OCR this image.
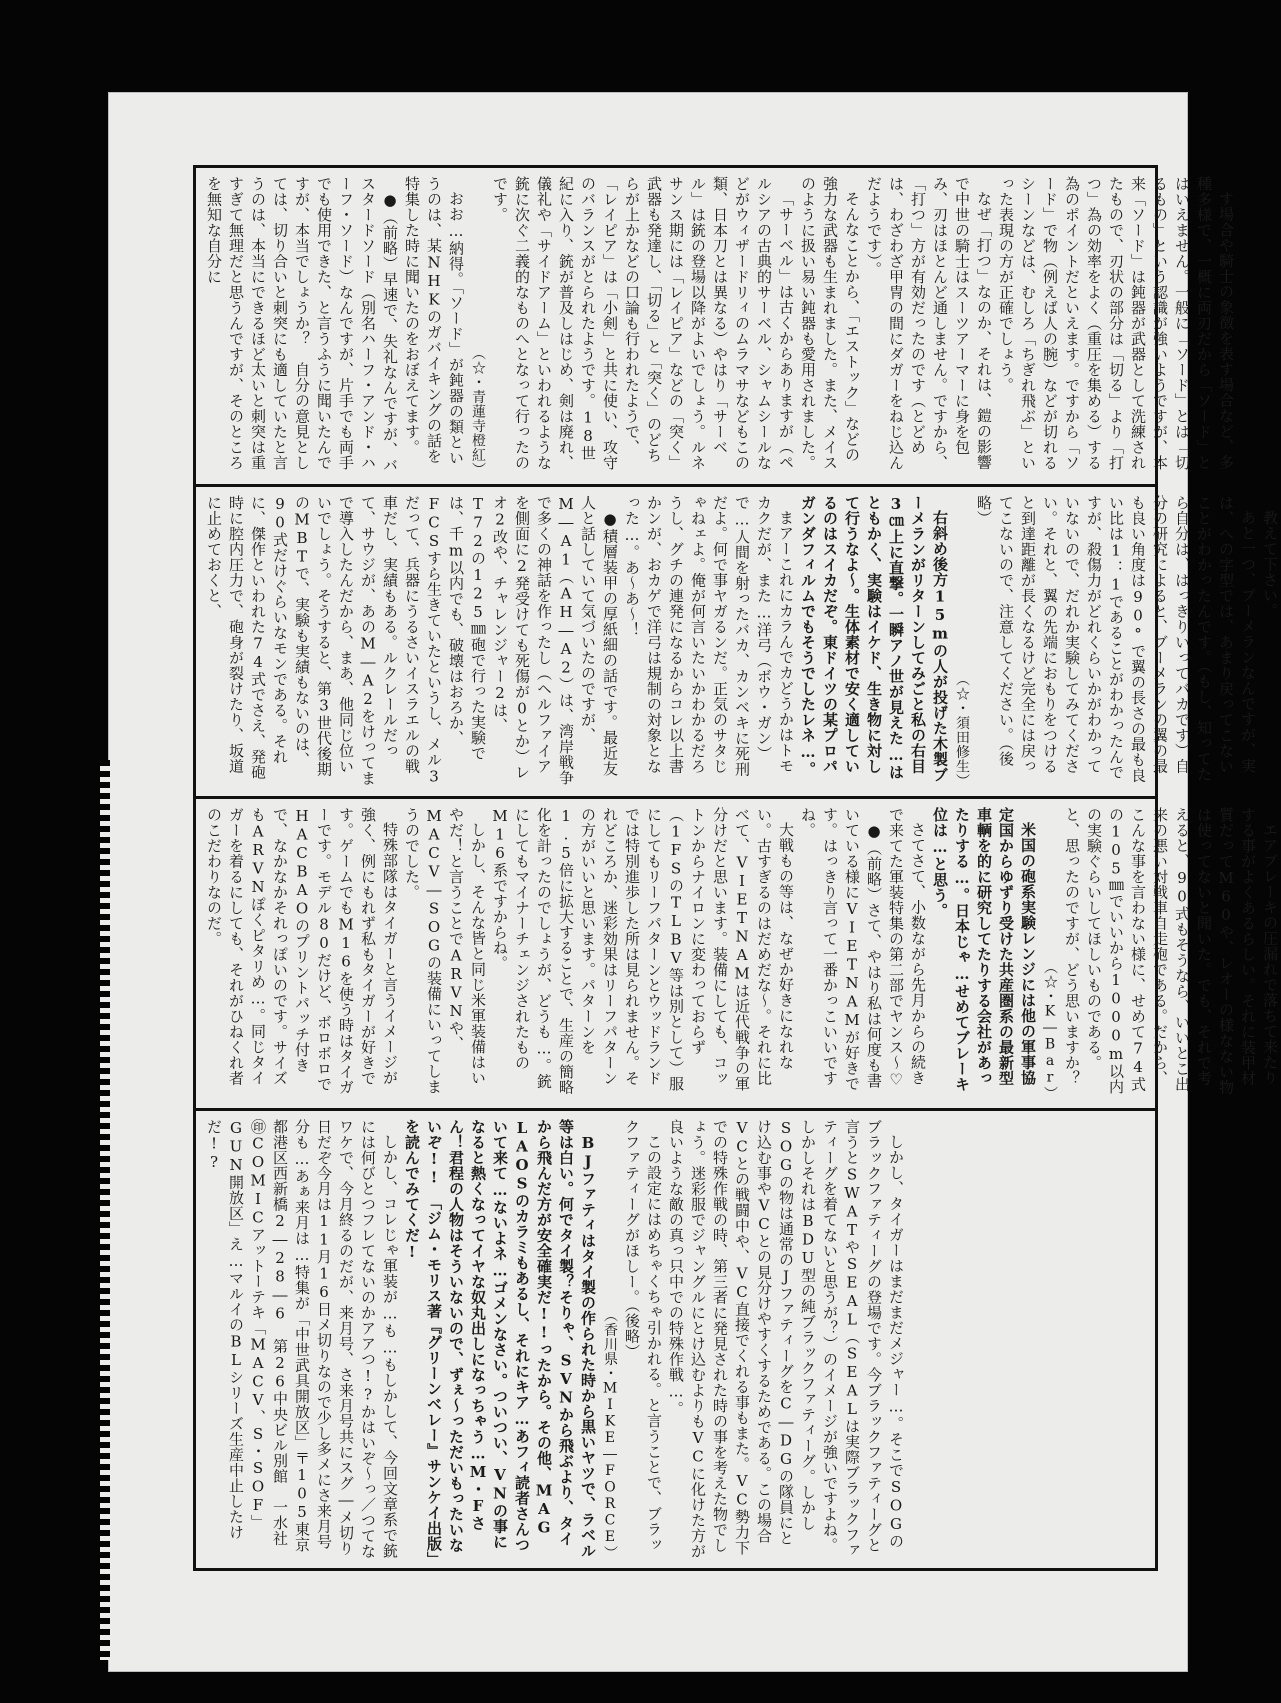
す場合や騎士の象徴を表す場合など、多種多様で、一概に両刃だから「ソード」とはいえません。一般に「ソード」とは「切るもの」という認識が強いようですが、本来「ソード」は鈍器が武器として洗練されたもので、刃状の部分は「切る」より「打つ」為の効率をよく（重圧を集める）する為のポイントだといえます。ですから「ソード」で物（例えば人の腕）などが切れるシーンなどは、むしろ「ちぎれ飛ぶ」といった表現の方が正確でしょう。

なぜ「打つ」なのか、それは、鎧の影響で中世の騎士はスーツアーマーに身を包み、刃はほとんど通しません。ですから、「打つ」方が有効だったのです（とどめは、わざわざ甲冑の間にダガーをねじ込んだようです）。

そんなことから、「エストック」などの強力な武器も生まれました。また、メイスのように扱い易い鈍器も愛用されました。

「サーベル」は古くからありますが（ペルシアの古典的サーベル、シャムシールなどがウィザードリィのムラマサなどもこの類、日本刀とは異なる）やはり「サーベル」は銃の登場以降がよいでしょう。ルネサンス期には「レイピア」などの「突く」武器も発達し、「切る」と「突く」のどちらが上かなどの口論も行われたようで、「レイピア」は「小剣」と共に使い、攻守のバランスがとられたようです。18世紀に入り、銃が普及しはじめ、剣は廃れ、儀礼や「サイドアーム」といわれるような銃に次ぐ二義的なものへとなって行ったのです。

（☆・青蓮寺橙紅）

おお…納得。「ソード」が鈍器の類というのは、某NHKのガバイキングの話を特集した時に聞いたのをおぼえてます。

●（前略）早速で、失礼なんですが、バスタードソード（別名ハーフ・アンド・ハーフ・ソード）なんですが、片手でも両手でも使用できた、と言うふうに聞いたんですが、本当でしょうか？　自分の意見としては、切り合いと刺突にも適していたと言うのは、本当にできるほど太いと刺突は重すぎて無理だと思うんですが、そのところを無知な自分に

教えて下さい。

あと一つ、ブーメランなんですが、実は、への字型では、あまり戻ってこないことがわかったんです。（もし、知ってたら自分は、はっきりいってバカです）自分の研究によると、ブーメランの翼の最も良い角度は90°で翼の長さの最も良い比は1：1であることがわかったんですが、殺傷力がどれくらいかがわかっていないので、だれか実験してみてください。それと、翼の先端におもりをつけると到達距離が長くなるけど完全には戻ってこないので、注意してください。（後略）

（☆・須田修生）

右斜め後方15mの人が投げた木製ブーメランがリターンしてみごと私の右目3㎝上に直撃。一瞬アノ世が見えた…はともかく、実験はイケド、生き物に対して行うなよ〜。生体素材で安く適しているのはスイカだぞ。東ドイツの某プロパガンダフィルムでもそうでしたレネ…。

まアーこれにカラんでカどうかはトモカクだが、また…洋弓（ボウ・ガン）で…人間を射ったバカ、カンベキに死刑だよ。何で事ヤガるンだ。正気のサタじゃねェよ。俺が何言いたいかわかるだろうし、グチの連発になるからコレ以上書かンが、おカゲで洋弓は規制の対象となった…。あ〜あ〜！

●積層装甲の厚紙細の話です。最近友人と話していて気づいたのですが、M―A1（AH―A2）は、湾岸戦争で多くの神話を作ったし（ヘルファイアを側面に2発受けても死傷が0とか）レオ2改や、チャレンジャー2は、T72の125㎜砲で行った実験では、千m以内でも、破壊はおろか、FCSすら生きていたというし、メル3だって、兵器にうるさいイスラエルの戦車だし、実績もある。ルクレールだって、サウジが、あのM―A2をけってまで導入したんだから、まあ、他同じ位いいでしょう。そうすると、第3世代後期のMBTで、実験も実績もないのは、90式だけぐらいなモンである。それに、傑作といわれた74式でさえ、発砲時に腔内圧力で、砲身が裂けたり、坂道に止めておくと、

エアブレーキの圧漏れで落ちて来たりする事がよくあるらしい。それに装甲材質だってM60や、レオーの様なない物は使ってないと聞いた。でも、それで考えると、90式もそうなら、いいとこ出来の悪い対戦車自走砲である。だから、こんな事を言わない様に、せめて74式の105㎜でいいから1000m以内の実験ぐらいしてほしいものである。と、思ったのですが、どう思いますか？

（☆・K―Bar）

米国の砲系実験レンジには他の軍事協定国からゆずり受けた共産圏系の最新型車輌を的に研究してたりする会社があったりする…。日本じゃ…せめてブレーキ位は…と思う。

さてさて、小数ながら先月からの続きで来てた軍装特集の第二部でヤンス〜♡

●（前略）さて、やはり私は何度も書いている様にVIETNAMが好きです。はっきり言って一番かっこいいですね。

大戦もの等は、なぜか好きになれない。古すぎるのはだめだな〜。それに比べて、VIETNAMは近代戦争の軍分けだと思います。装備にしても、コットンからナイロンに変わっておらず（1FSのTLBV等は別として）服にしてもリーフパターンとウッドランドでは特別進歩した所は見られません。それどころか、迷彩効果はリーフパターンの方がいいと思います。パターンを1.5倍に拡大することで、生産の簡略化を計ったのでしょうが、どうも…。銃にしてもマイナーチェンジされたものM16系ですからね。

しかし、そんな皆と同じ米軍装備はいやだ！と言うことでARVNや、MACV―SOGの装備にいってしまうのでした。

特殊部隊はタイガーと言うイメージが強く、例にもれず私もタイガーが好きです。ゲームでもM16を使う時はタイガーです。モデル80だけど、ボロボロでHACBAOのプリントパッチ付きで、なかなかそれっぽいのです。サイズもARVNぽくピタリめ…。同じタイガーを着るにしても、それがひねくれ者のこだわりなのだ。

しかし、タイガーはまだまだメジャー…。そこでSOGのブラックファティーグの登場です。今ブラックファティーグと言うとSWATやSEAL（SEALは実際ブラックファティーグを着てないと思うが？）のイメージが強いですよね。しかしそれはBDU型の純ブラックファティーグ。しかしSOGの物は通常のJファティーグをC―DGの隊員にとけ込む事やVCとの見分けやすくするためである。この場合VCとの戦闘中や、VC直接でくれる事もまた。VC勢力下での特殊作戦の時、第三者に発見された時の事を考えた物でしょう。迷彩服でジャングルにとけ込むよりもVCに化けた方が良いような敵の真っ只中での特殊作戦…。

この設定にはめちゃくちゃ引かれる。と言うことで、ブラックファティーグがほしー。（後略）

（香川県・MIKE―FORCE）

BJファティはタイ製の作られた時から黒いヤツで、ラベル等は白い。何でタイ製？そりゃ、SVNから飛ぶより、タイから飛んだ方が安全確実だ!!ったから。その他、MAG LAOSのカラミもあるし、それにキア…あフィ読者さんついて来て…ないよネ…ゴメンなさい。ついつい、VNの事になると熱くなってイヤな奴丸出しになっちゃう…M・Fさん！君程の人物はそういないので、ずぇ〜っただいもったいないぞ!!　「ジム・モリス著『グリーンベレー』サンケイ出版」を読んでみてくだ!

しかし、コレじゃ軍装が…も…もしかして、今回文章系で銃には何びとつフレてないのかアアつ!?かはいぞ〜っ／つてなワケで、今月終るのだが、来月号、さ来月号共にスグ―メ切り日だぞ今月は11月16日メ切りなので少し多メにさ来月号分も…あぁ来月は…特集が「中世武具開放区」〒105東京都港区西新橋2―28―6　第26中央ビル別館　一水社㊞COMICアットーテキ「MACV、S・SOF」GUN開放区」え…マルイのBLシリーズ生産中止したけだ!?
